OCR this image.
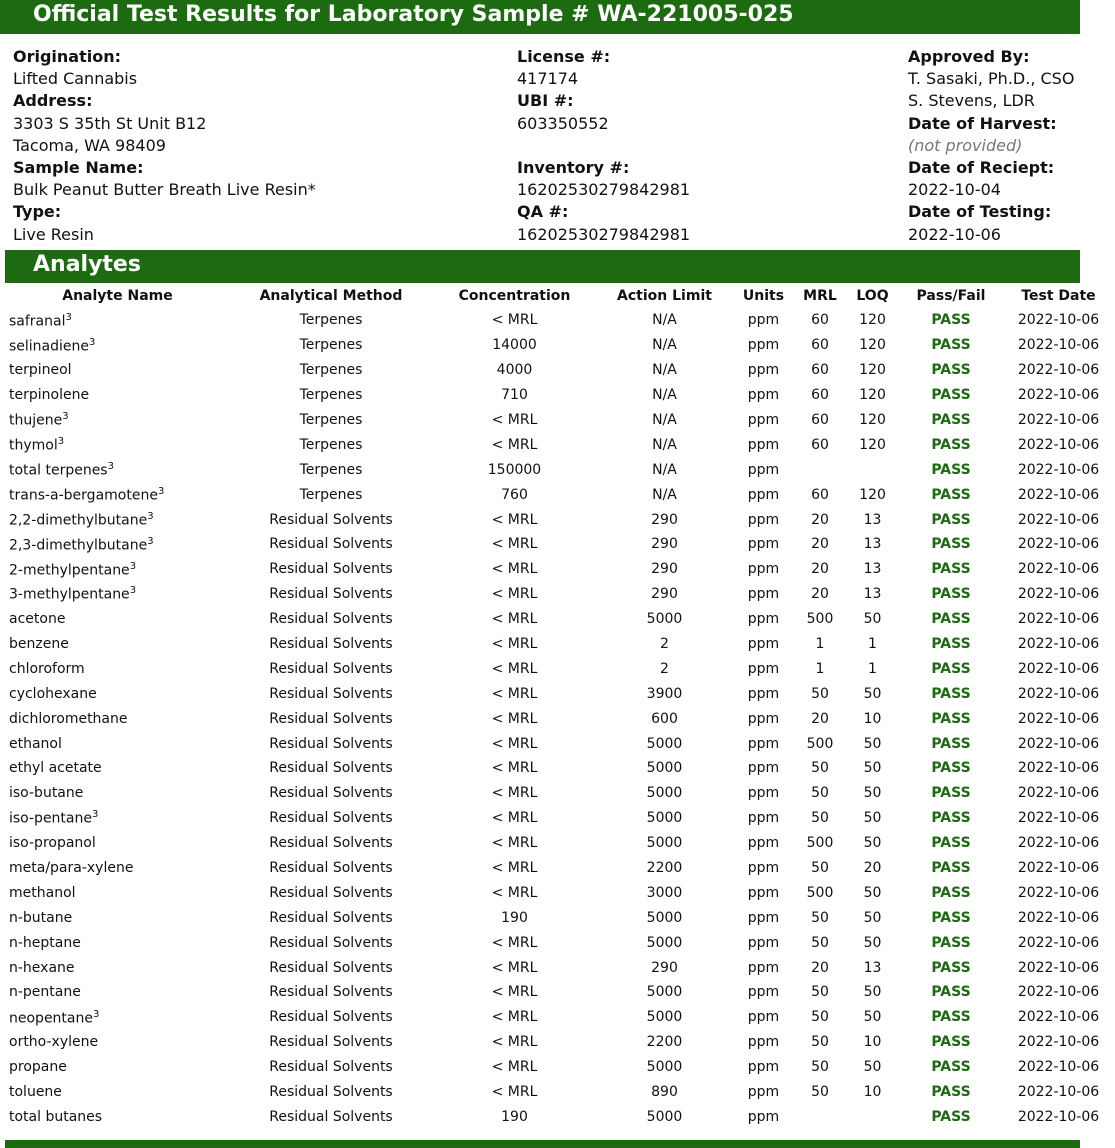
Official Test Results for Laboratory Sample # WA-221005-025
Origination:
Lifted Cannabis
Address:
3303 S 35th St Unit B12
Tacoma, WA 98409
Sample Name:
Bulk Peanut Butter Breath Live Resin*
Type:
Live Resin
License #:
417174
UBI #:
603350552
Inventory #:
16202530279842981
QA #:
16202530279842981
Approved By:
T. Sasaki, Ph.D., CSO
S. Stevens, LDR
Date of Harvest:
(not provided)
Date of Reciept:
2022-10-04
Date of Testing:
2022-10-06
Analytes
Analyte Name	Analytical Method	Concentration	Action Limit	Units	MRL	LOQ	Pass/Fail	Test Date
safranal$^3$	Terpenes	< MRL	N/A	ppm	60	120	PASS	2022-10-06
selinadiene$^3$	Terpenes	14000	N/A	ppm	60	120	PASS	2022-10-06
terpineol	Terpenes	4000	N/A	ppm	60	120	PASS	2022-10-06
terpinolene	Terpenes	710	N/A	ppm	60	120	PASS	2022-10-06
thujene$^3$	Terpenes	< MRL	N/A	ppm	60	120	PASS	2022-10-06
thymol$^3$	Terpenes	< MRL	N/A	ppm	60	120	PASS	2022-10-06
total terpenes$^3$	Terpenes	150000	N/A	ppm			PASS	2022-10-06
trans-a-bergamotene$^3$	Terpenes	760	N/A	ppm	60	120	PASS	2022-10-06
2,2-dimethylbutane$^3$	Residual Solvents	< MRL	290	ppm	20	13	PASS	2022-10-06
2,3-dimethylbutane$^3$	Residual Solvents	< MRL	290	ppm	20	13	PASS	2022-10-06
2-methylpentane$^3$	Residual Solvents	< MRL	290	ppm	20	13	PASS	2022-10-06
3-methylpentane$^3$	Residual Solvents	< MRL	290	ppm	20	13	PASS	2022-10-06
acetone	Residual Solvents	< MRL	5000	ppm	500	50	PASS	2022-10-06
benzene	Residual Solvents	< MRL	2	ppm	1	1	PASS	2022-10-06
chloroform	Residual Solvents	< MRL	2	ppm	1	1	PASS	2022-10-06
cyclohexane	Residual Solvents	< MRL	3900	ppm	50	50	PASS	2022-10-06
dichloromethane	Residual Solvents	< MRL	600	ppm	20	10	PASS	2022-10-06
ethanol	Residual Solvents	< MRL	5000	ppm	500	50	PASS	2022-10-06
ethyl acetate	Residual Solvents	< MRL	5000	ppm	50	50	PASS	2022-10-06
iso-butane	Residual Solvents	< MRL	5000	ppm	50	50	PASS	2022-10-06
iso-pentane$^3$	Residual Solvents	< MRL	5000	ppm	50	50	PASS	2022-10-06
iso-propanol	Residual Solvents	< MRL	5000	ppm	500	50	PASS	2022-10-06
meta/para-xylene	Residual Solvents	< MRL	2200	ppm	50	20	PASS	2022-10-06
methanol	Residual Solvents	< MRL	3000	ppm	500	50	PASS	2022-10-06
n-butane	Residual Solvents	190	5000	ppm	50	50	PASS	2022-10-06
n-heptane	Residual Solvents	< MRL	5000	ppm	50	50	PASS	2022-10-06
n-hexane	Residual Solvents	< MRL	290	ppm	20	13	PASS	2022-10-06
n-pentane	Residual Solvents	< MRL	5000	ppm	50	50	PASS	2022-10-06
neopentane$^3$	Residual Solvents	< MRL	5000	ppm	50	50	PASS	2022-10-06
ortho-xylene	Residual Solvents	< MRL	2200	ppm	50	10	PASS	2022-10-06
propane	Residual Solvents	< MRL	5000	ppm	50	50	PASS	2022-10-06
toluene	Residual Solvents	< MRL	890	ppm	50	10	PASS	2022-10-06
total butanes	Residual Solvents	190	5000	ppm			PASS	2022-10-06
